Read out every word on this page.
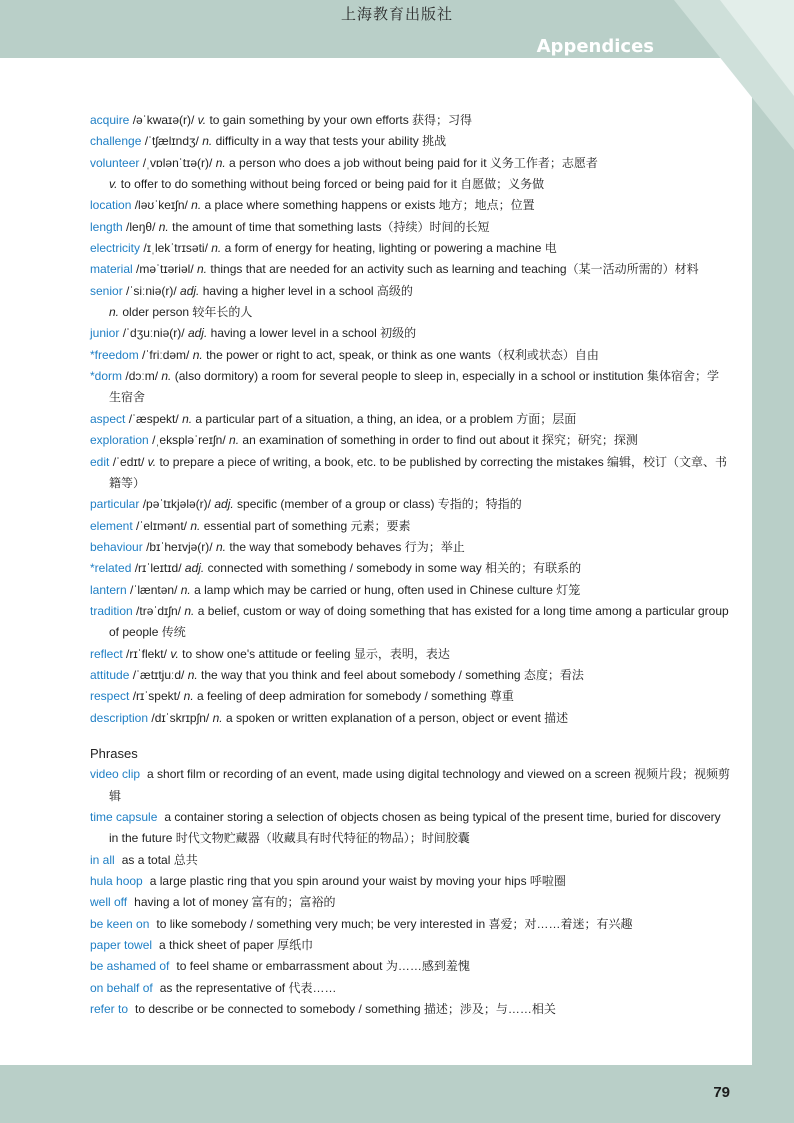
上海教育出版社
Appendices

acquire /əˈkwaɪə(r)/ v. to gain something by your own efforts 获得；习得

challenge /ˈtʃælɪndʒ/ n. difficulty in a way that tests your ability 挑战

volunteer /ˌvɒlənˈtɪə(r)/ n. a person who does a job without being paid for it 义务工作者；志愿者

v. to offer to do something without being forced or being paid for it 自愿做；义务做

location /ləʊˈkeɪʃn/ n. a place where something happens or exists 地方；地点；位置

length /leŋθ/ n. the amount of time that something lasts（持续）时间的长短

electricity /ɪˌlekˈtrɪsəti/ n. a form of energy for heating, lighting or powering a machine 电

material /məˈtɪəriəl/ n. things that are needed for an activity such as learning and teaching（某一活动所需的）材料

senior /ˈsiːniə(r)/ adj. having a higher level in a school 高级的

n. older person 较年长的人

junior /ˈdʒuːniə(r)/ adj. having a lower level in a school 初级的

*freedom /ˈfriːdəm/ n. the power or right to act, speak, or think as one wants（权利或状态）自由

*dorm /dɔːm/ n. (also dormitory) a room for several people to sleep in, especially in a school or institution 集体宿舍；学生宿舍

aspect /ˈæspekt/ n. a particular part of a situation, a thing, an idea, or a problem 方面；层面

exploration /ˌekspləˈreɪʃn/ n. an examination of something in order to find out about it 探究；研究；探测

edit /ˈedɪt/ v. to prepare a piece of writing, a book, etc. to be published by correcting the mistakes 编辑，校订（文章、书籍等）

particular /pəˈtɪkjələ(r)/ adj. specific (member of a group or class) 专指的；特指的

element /ˈelɪmənt/ n. essential part of something 元素；要素

behaviour /bɪˈheɪvjə(r)/ n. the way that somebody behaves 行为；举止

*related /rɪˈleɪtɪd/ adj. connected with something / somebody in some way 相关的；有联系的

lantern /ˈlæntən/ n. a lamp which may be carried or hung, often used in Chinese culture 灯笼

tradition /trəˈdɪʃn/ n. a belief, custom or way of doing something that has existed for a long time among a particular group of people 传统

reflect /rɪˈflekt/ v. to show one's attitude or feeling 显示，表明，表达

attitude /ˈætɪtjuːd/ n. the way that you think and feel about somebody / something 态度；看法

respect /rɪˈspekt/ n. a feeling of deep admiration for somebody / something 尊重

description /dɪˈskrɪpʃn/ n. a spoken or written explanation of a person, object or event 描述

Phrases

video clip a short film or recording of an event, made using digital technology and viewed on a screen 视频片段；视频剪辑

time capsule a container storing a selection of objects chosen as being typical of the present time, buried for discovery in the future 时代文物贮藏器（收藏具有时代特征的物品）；时间胶囊

in all as a total 总共

hula hoop a large plastic ring that you spin around your waist by moving your hips 呼啦圈

well off having a lot of money 富有的；富裕的

be keen on to like somebody / something very much; be very interested in 喜爱；对……着迷；有兴趣

paper towel a thick sheet of paper 厚纸巾

be ashamed of to feel shame or embarrassment about 为……感到羞愧

on behalf of as the representative of 代表……

refer to to describe or be connected to somebody / something 描述；涉及；与……相关

79
